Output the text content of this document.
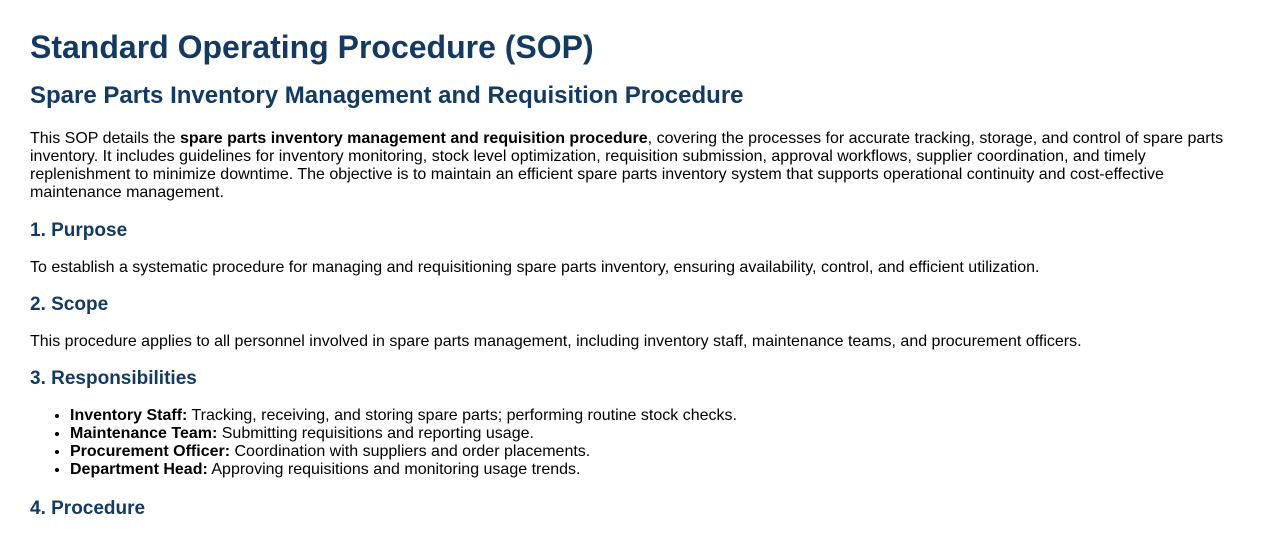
Standard Operating Procedure (SOP)
Spare Parts Inventory Management and Requisition Procedure

This SOP details the spare parts inventory management and requisition procedure, covering the processes for accurate tracking, storage, and control of spare parts inventory. It includes guidelines for inventory monitoring, stock level optimization, requisition submission, approval workflows, supplier coordination, and timely replenishment to minimize downtime. The objective is to maintain an efficient spare parts inventory system that supports operational continuity and cost-effective maintenance management.

1. Purpose

To establish a systematic procedure for managing and requisitioning spare parts inventory, ensuring availability, control, and efficient utilization.

2. Scope

This procedure applies to all personnel involved in spare parts management, including inventory staff, maintenance teams, and procurement officers.

3. Responsibilities
• Inventory Staff: Tracking, receiving, and storing spare parts; performing routine stock checks.
• Maintenance Team: Submitting requisitions and reporting usage.
• Procurement Officer: Coordination with suppliers and order placements.
• Department Head: Approving requisitions and monitoring usage trends.
4. Procedure
